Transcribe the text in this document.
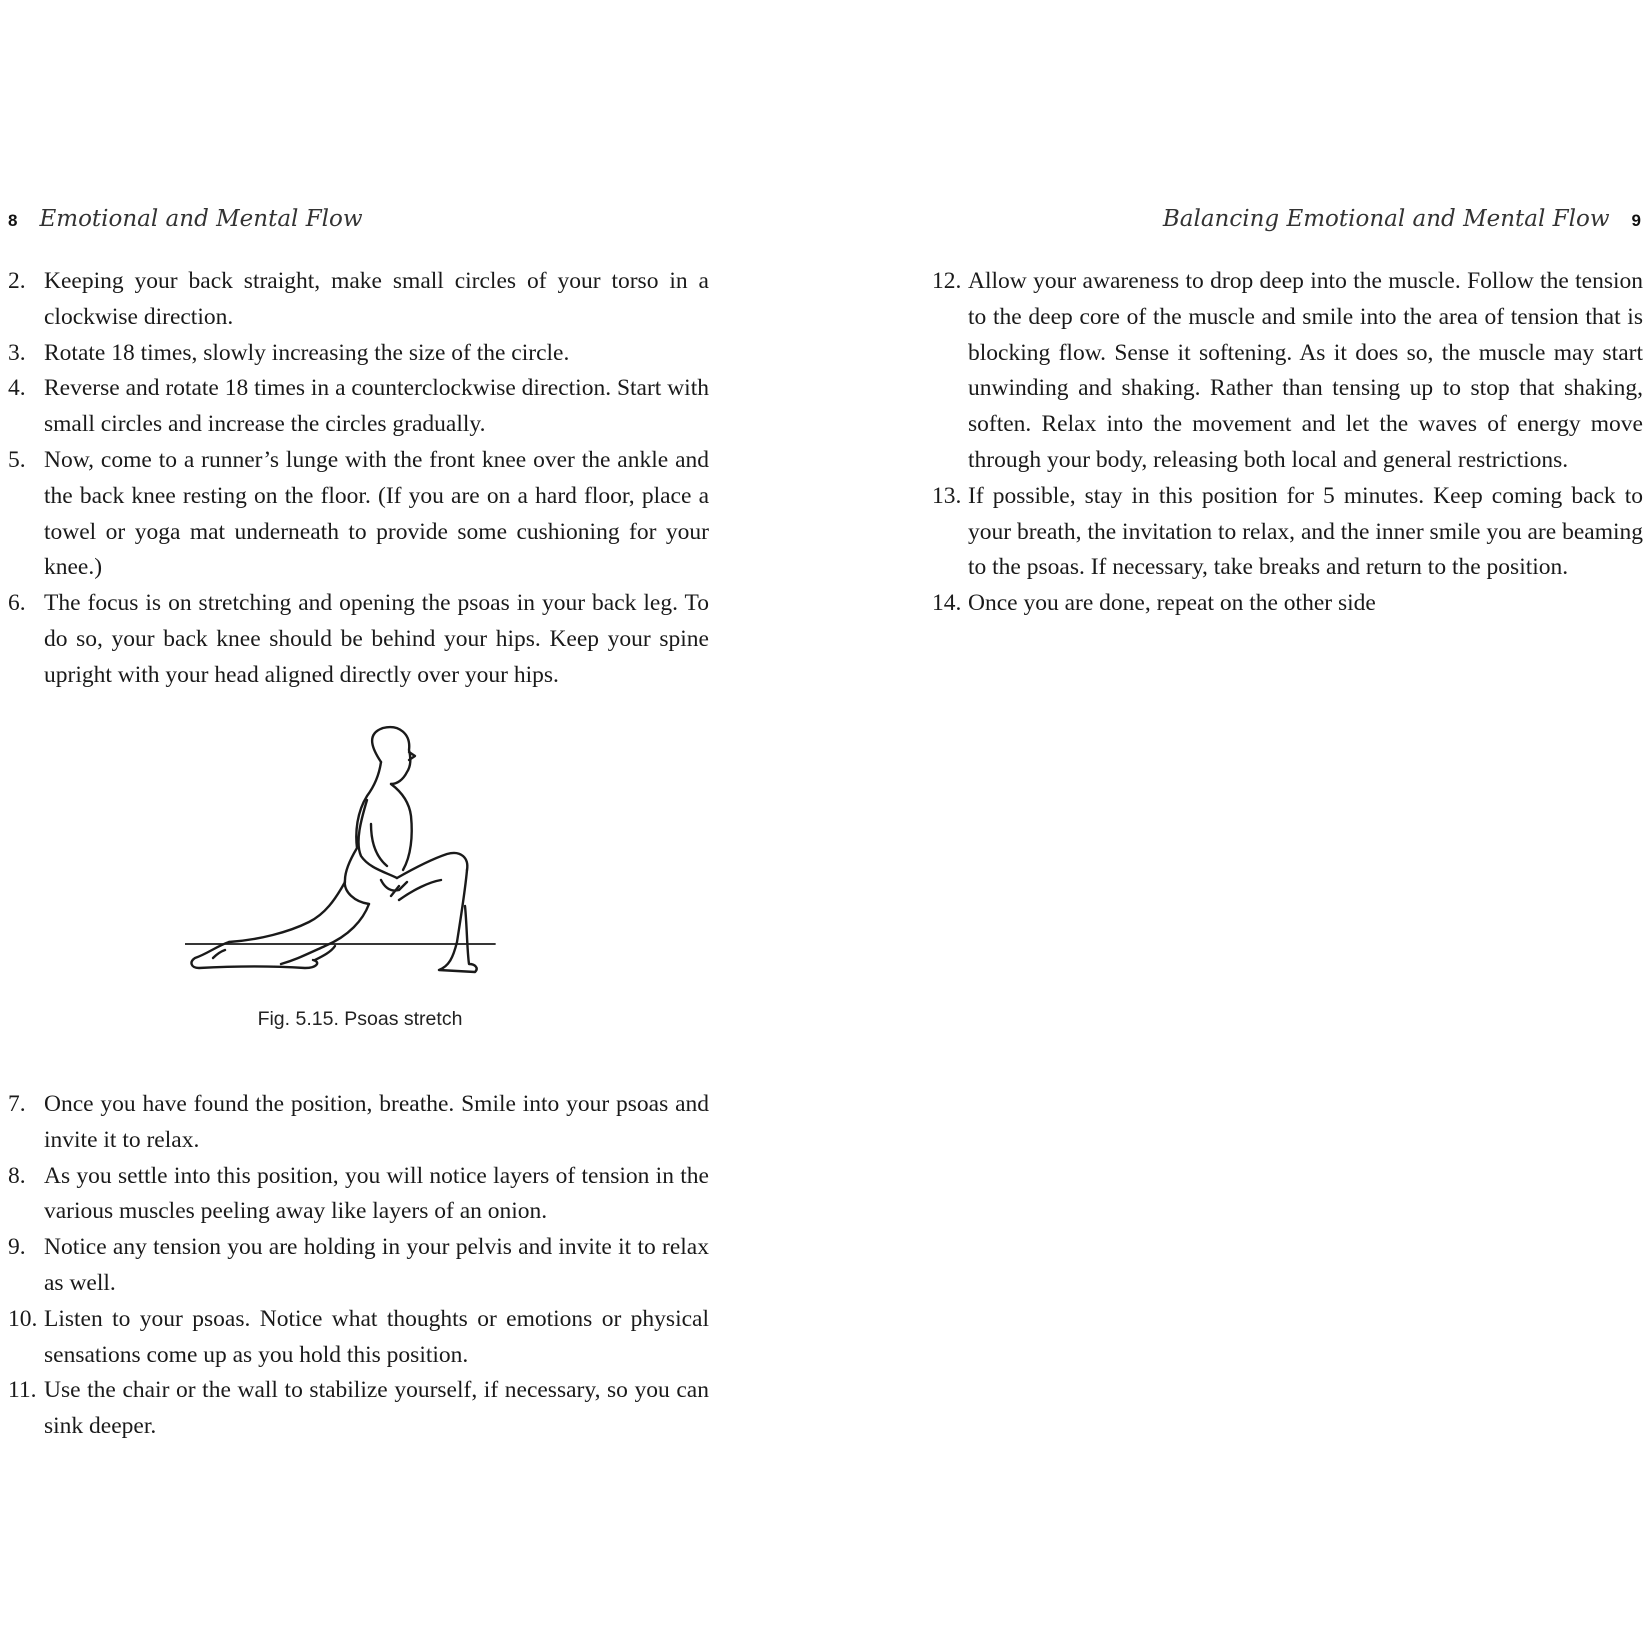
8 Emotional and Mental Flow
2. Keeping your back straight, make small circles of your torso in a clockwise direction.
3. Rotate 18 times, slowly increasing the size of the circle.
4. Reverse and rotate 18 times in a counterclockwise direction. Start with small circles and increase the circles gradually.
5. Now, come to a runner’s lunge with the front knee over the ankle and the back knee resting on the floor. (If you are on a hard floor, place a towel or yoga mat underneath to provide some cushioning for your knee.)
6. The focus is on stretching and opening the psoas in your back leg. To do so, your back knee should be behind your hips. Keep your spine upright with your head aligned directly over your hips.
Fig. 5.15. Psoas stretch
7. Once you have found the position, breathe. Smile into your psoas and invite it to relax.
8. As you settle into this position, you will notice layers of tension in the various muscles peeling away like layers of an onion.
9. Notice any tension you are holding in your pelvis and invite it to relax as well.
10. Listen to your psoas. Notice what thoughts or emotions or physical sensations come up as you hold this position.
11. Use the chair or the wall to stabilize yourself, if necessary, so you can sink deeper.
Balancing Emotional and Mental Flow 9
12. Allow your awareness to drop deep into the muscle. Follow the tension to the deep core of the muscle and smile into the area of tension that is blocking flow. Sense it softening. As it does so, the muscle may start unwinding and shaking. Rather than tensing up to stop that shaking, soften. Relax into the movement and let the waves of energy move through your body, releasing both local and general restrictions.
13. If possible, stay in this position for 5 minutes. Keep coming back to your breath, the invitation to relax, and the inner smile you are beaming to the psoas. If necessary, take breaks and return to the position.
14. Once you are done, repeat on the other side
